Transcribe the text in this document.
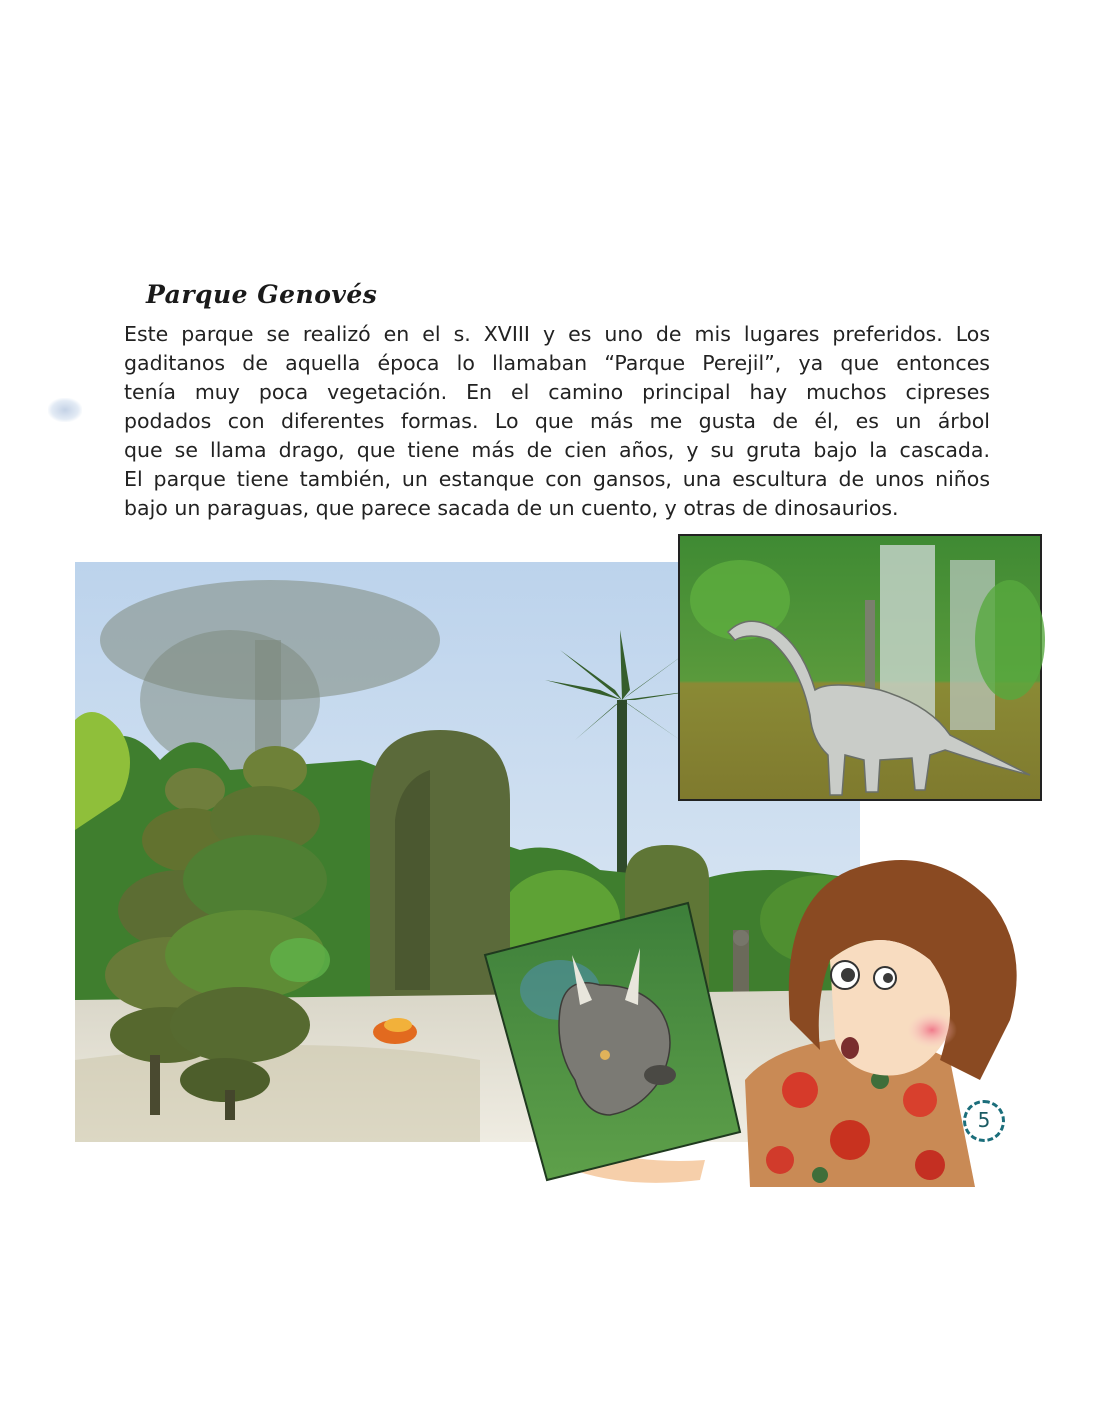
Parque Genovés
Este parque se realizó en el s. XVIII y es uno de mis lugares preferidos. Los
gaditanos de aquella época lo llamaban “Parque Perejil”, ya que entonces
tenía muy poca vegetación. En el camino principal hay muchos cipreses
podados con diferentes formas. Lo que más me gusta de él, es un árbol
que se llama drago, que tiene más de cien años, y su gruta bajo la cascada.
El parque tiene también, un estanque con gansos, una escultura de unos niños
bajo un paraguas, que parece sacada de un cuento, y otras de dinosaurios.
5
